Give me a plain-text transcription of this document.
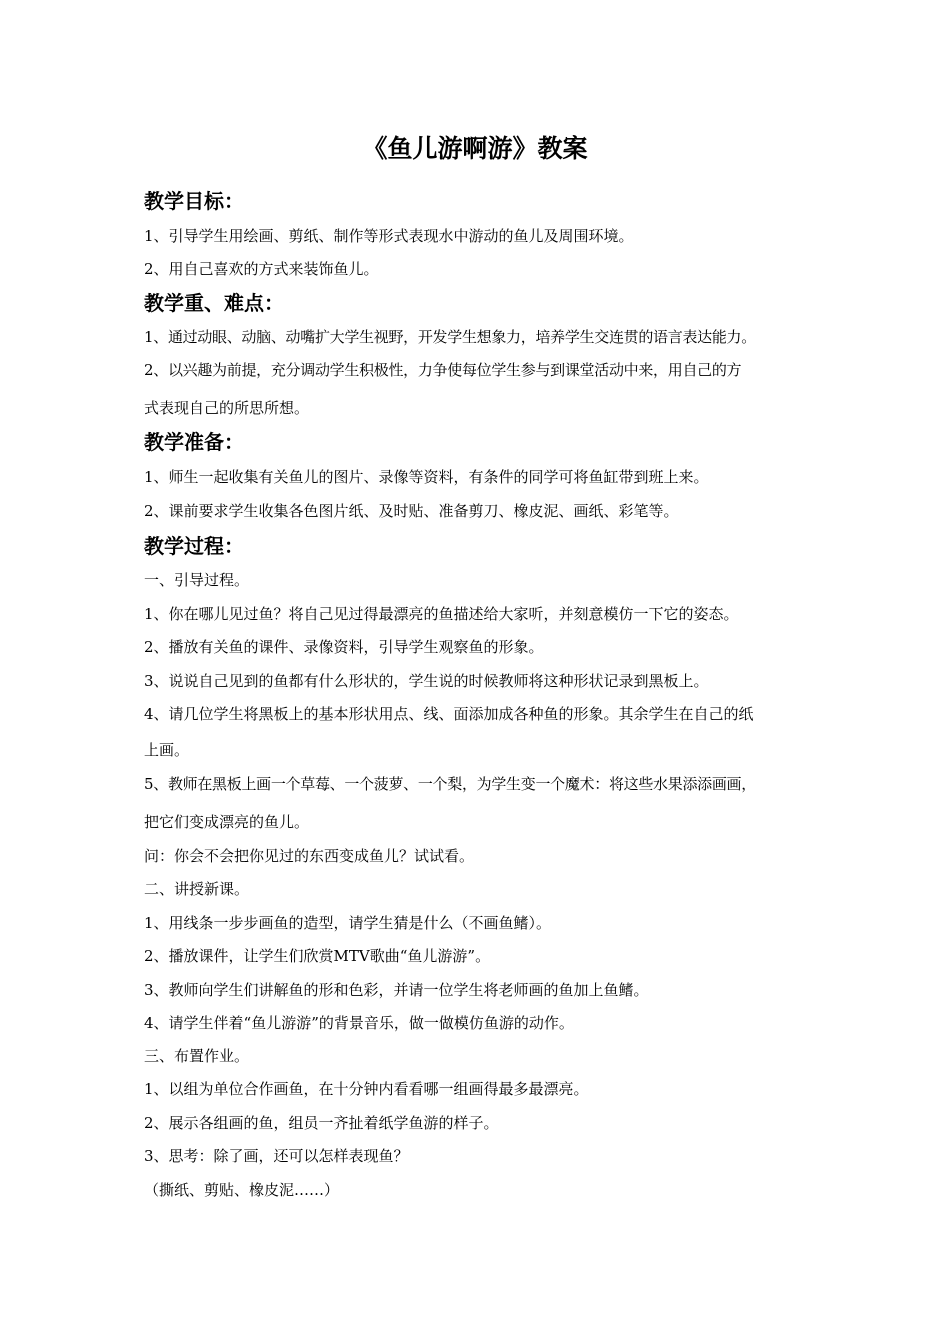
《鱼儿游啊游》教案
教学目标：
1、引导学生用绘画、剪纸、制作等形式表现水中游动的鱼儿及周围环境。
2、用自己喜欢的方式来装饰鱼儿。
教学重、难点：
1、通过动眼、动脑、动嘴扩大学生视野，开发学生想象力，培养学生交连贯的语言表达能力。
2、以兴趣为前提，充分调动学生积极性，力争使每位学生参与到课堂活动中来，用自己的方
式表现自己的所思所想。
教学准备：
1、师生一起收集有关鱼儿的图片、录像等资料，有条件的同学可将鱼缸带到班上来。
2、课前要求学生收集各色图片纸、及时贴、准备剪刀、橡皮泥、画纸、彩笔等。
教学过程：
一、引导过程。
1、你在哪儿见过鱼？将自己见过得最漂亮的鱼描述给大家听，并刻意模仿一下它的姿态。
2、播放有关鱼的课件、录像资料，引导学生观察鱼的形象。
3、说说自己见到的鱼都有什么形状的，学生说的时候教师将这种形状记录到黑板上。
4、请几位学生将黑板上的基本形状用点、线、面添加成各种鱼的形象。其余学生在自己的纸
上画。
5、教师在黑板上画一个草莓、一个菠萝、一个梨，为学生变一个魔术：将这些水果添添画画，
把它们变成漂亮的鱼儿。
问：你会不会把你见过的东西变成鱼儿？试试看。
二、讲授新课。
1、用线条一步步画鱼的造型，请学生猜是什么（不画鱼鳍）。
2、播放课件，让学生们欣赏MTV歌曲“鱼儿游游”。
3、教师向学生们讲解鱼的形和色彩，并请一位学生将老师画的鱼加上鱼鳍。
4、请学生伴着“鱼儿游游”的背景音乐，做一做模仿鱼游的动作。
三、布置作业。
1、以组为单位合作画鱼，在十分钟内看看哪一组画得最多最漂亮。
2、展示各组画的鱼，组员一齐扯着纸学鱼游的样子。
3、思考：除了画，还可以怎样表现鱼？
（撕纸、剪贴、橡皮泥……）
